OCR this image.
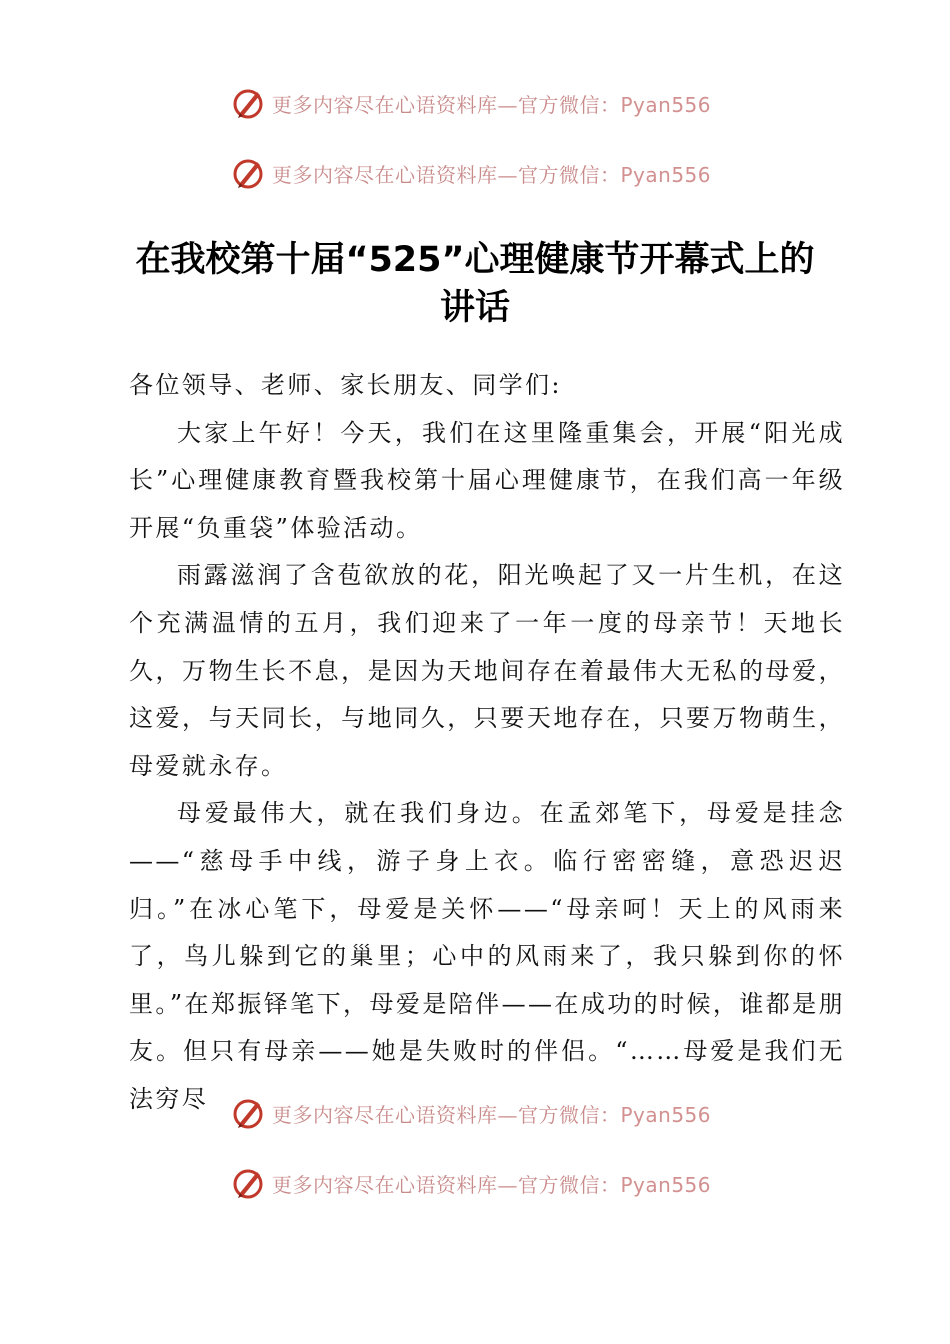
更多内容尽在心语资料库—官方微信：Pyan556
更多内容尽在心语资料库—官方微信：Pyan556
在我校第十届“525”心理健康节开幕式上的讲话

各位领导、老师、家长朋友、同学们:

大家上午好！今天，我们在这里隆重集会，开展“阳光成长”心理健康教育暨我校第十届心理健康节，在我们高一年级开展“负重袋”体验活动。

雨露滋润了含苞欲放的花，阳光唤起了又一片生机，在这个充满温情的五月，我们迎来了一年一度的母亲节！天地长久，万物生长不息，是因为天地间存在着最伟大无私的母爱，这爱，与天同长，与地同久，只要天地存在，只要万物萌生，母爱就永存。

母爱最伟大，就在我们身边。在孟郊笔下，母爱是挂念——“慈母手中线，游子身上衣。临行密密缝，意恐迟迟归。”在冰心笔下，母爱是关怀——“母亲呵！天上的风雨来了，鸟儿躲到它的巢里；心中的风雨来了，我只躲到你的怀里。”在郑振铎笔下，母爱是陪伴——在成功的时候，谁都是朋友。但只有母亲——她是失败时的伴侣。“……母爱是我们无法穷尽

更多内容尽在心语资料库—官方微信：Pyan556
更多内容尽在心语资料库—官方微信：Pyan556
